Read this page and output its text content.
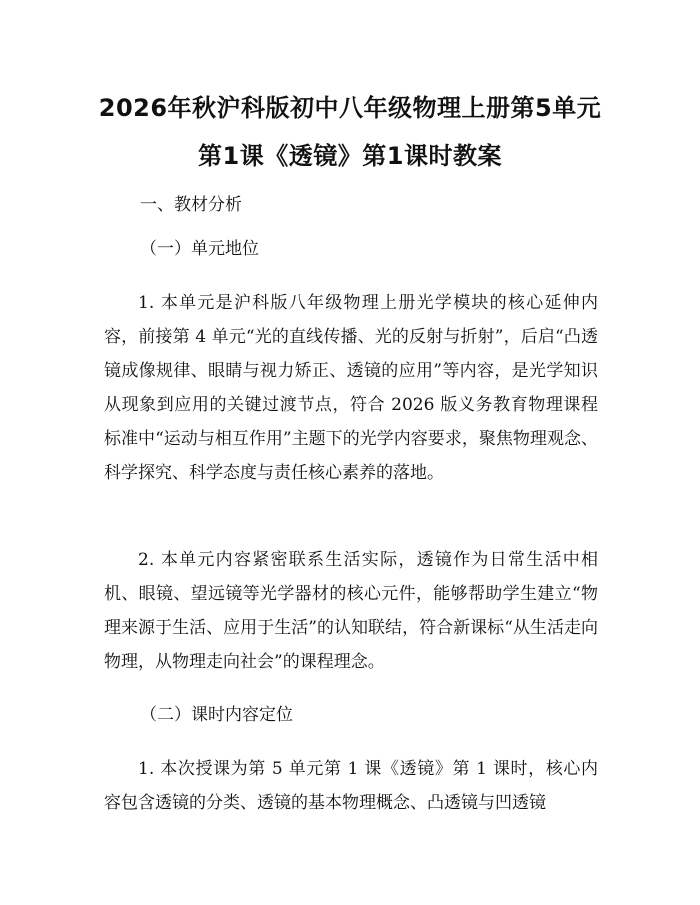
2026年秋沪科版初中八年级物理上册第5单元第1课《透镜》第1课时教案
一、教材分析
（一）单元地位
1. 本单元是沪科版八年级物理上册光学模块的核心延伸内容，前接第 4 单元“光的直线传播、光的反射与折射”，后启“凸透镜成像规律、眼睛与视力矫正、透镜的应用”等内容，是光学知识从现象到应用的关键过渡节点，符合 2026 版义务教育物理课程标准中“运动与相互作用”主题下的光学内容要求，聚焦物理观念、科学探究、科学态度与责任核心素养的落地。
2. 本单元内容紧密联系生活实际，透镜作为日常生活中相机、眼镜、望远镜等光学器材的核心元件，能够帮助学生建立“物理来源于生活、应用于生活”的认知联结，符合新课标“从生活走向物理，从物理走向社会”的课程理念。
（二）课时内容定位
1. 本次授课为第 5 单元第 1 课《透镜》第 1 课时，核心内容包含透镜的分类、透镜的基本物理概念、凸透镜与凹透镜
